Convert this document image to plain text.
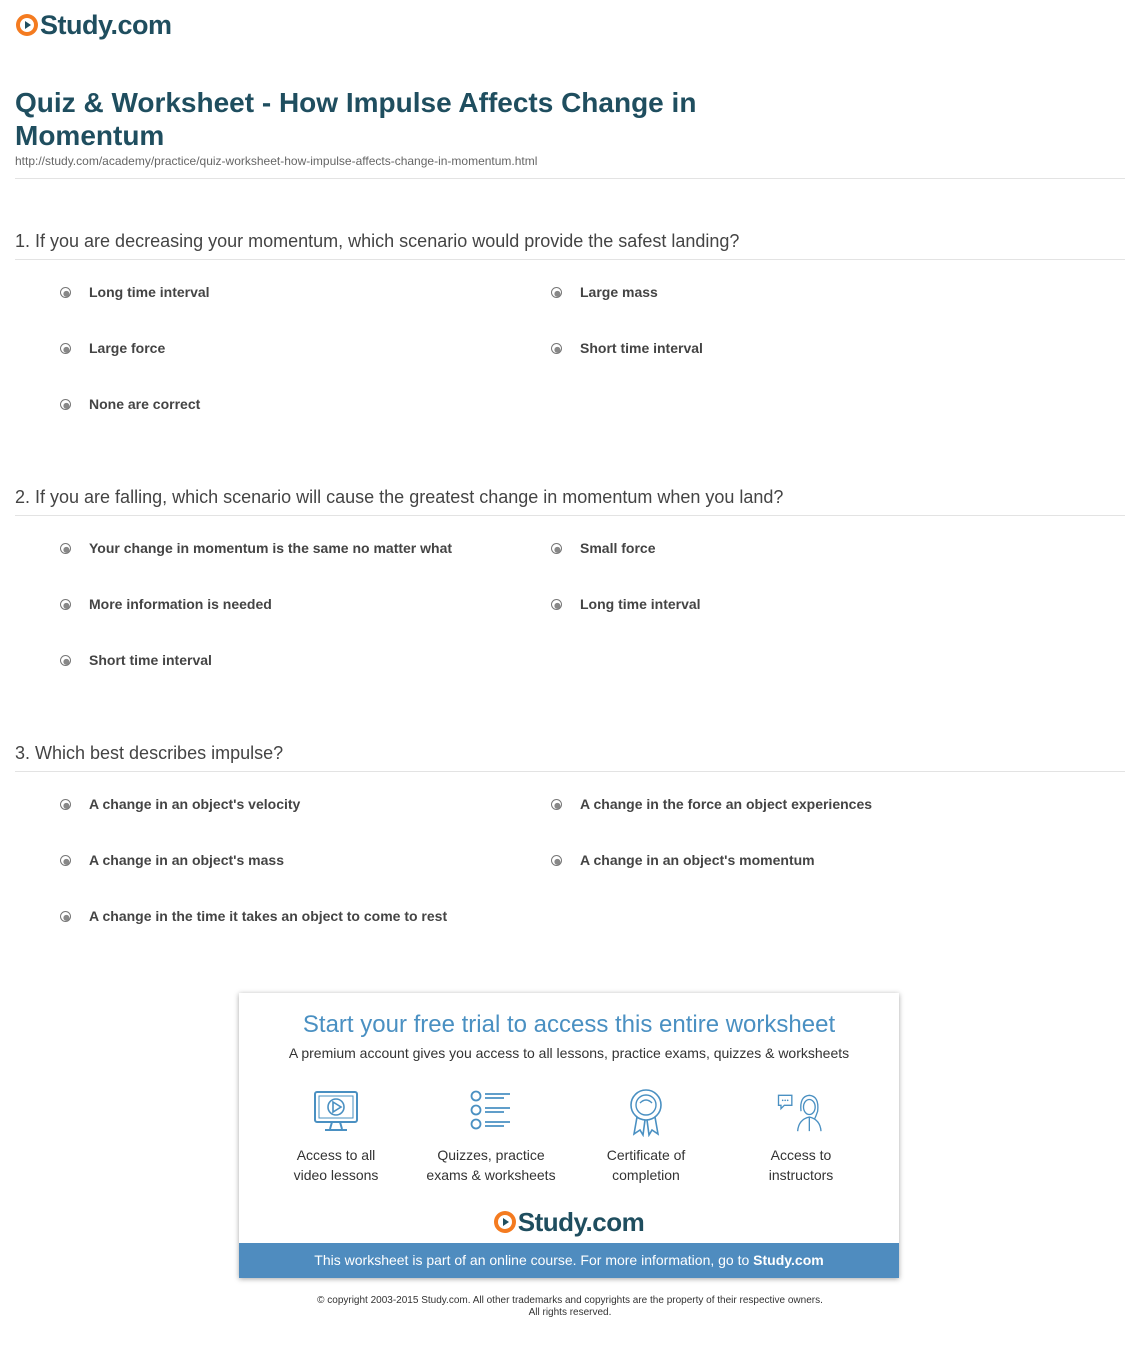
Study.com
Quiz & Worksheet - How Impulse Affects Change in Momentum
http://study.com/academy/practice/quiz-worksheet-how-impulse-affects-change-in-momentum.html
1. If you are decreasing your momentum, which scenario would provide the safest landing?
Long time interval	Large mass
Large force	Short time interval
None are correct
2. If you are falling, which scenario will cause the greatest change in momentum when you land?
Your change in momentum is the same no matter what	Small force
More information is needed	Long time interval
Short time interval
3. Which best describes impulse?
A change in an object's velocity	A change in the force an object experiences
A change in an object's mass	A change in an object's momentum
A change in the time it takes an object to come to rest
Start your free trial to access this entire worksheet
A premium account gives you access to all lessons, practice exams, quizzes & worksheets
Access to all
video lessons
Quizzes, practice
exams & worksheets
Certificate of
completion
Access to
instructors
Study.com
This worksheet is part of an online course. For more information, go to Study.com
© copyright 2003-2015 Study.com. All other trademarks and copyrights are the property of their respective owners.
All rights reserved.
